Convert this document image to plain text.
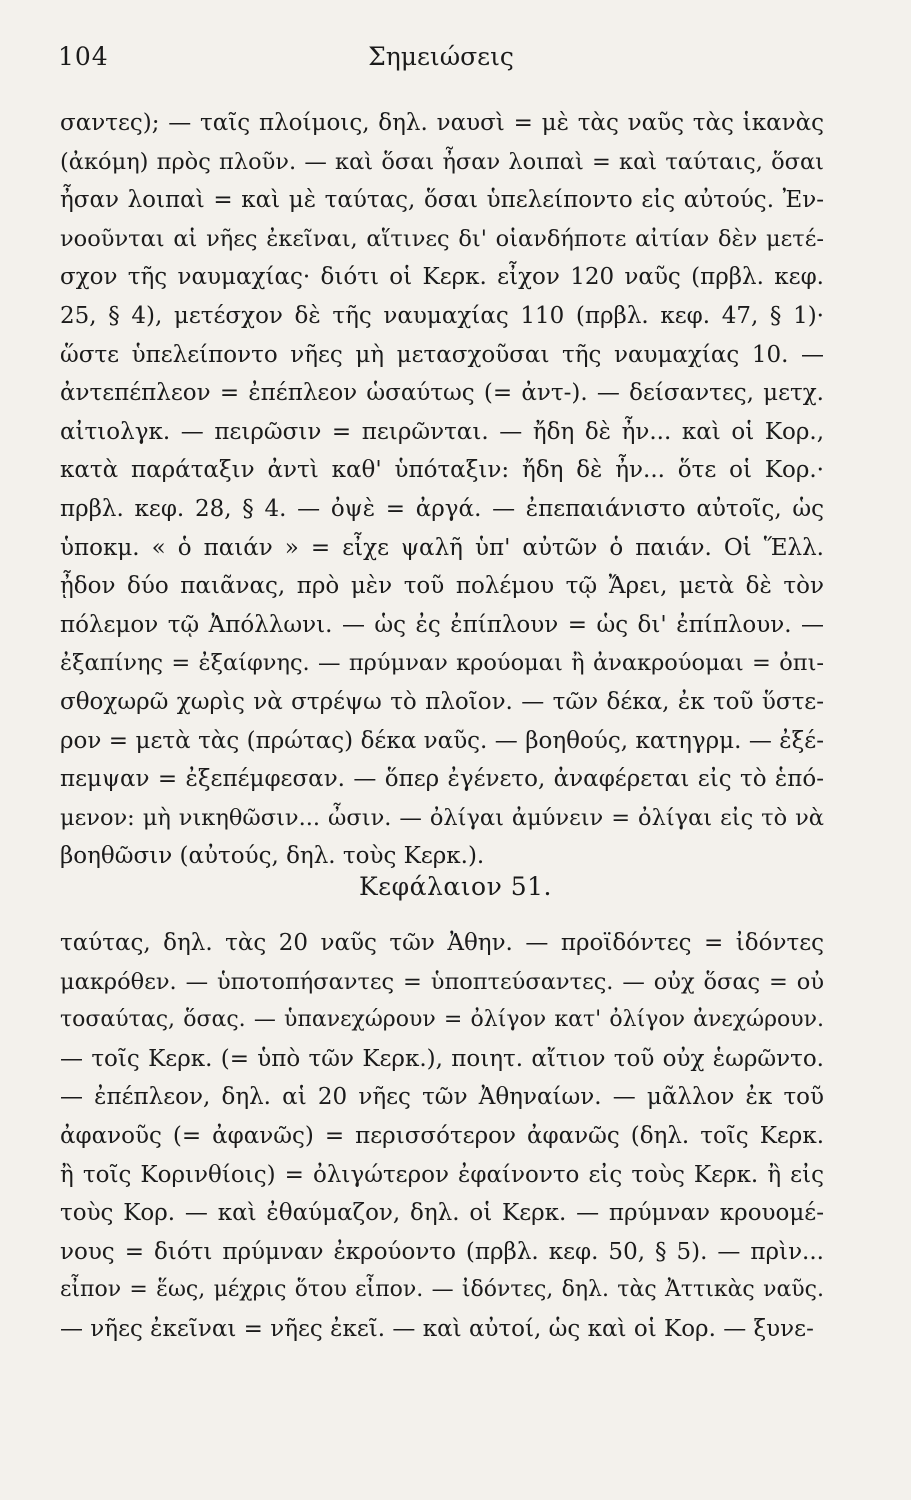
104	Σημειώσεις
σαντες); — ταῖς πλοίμοις, δηλ. ναυσὶ = μὲ τὰς ναῦς τὰς ἱκανὰς
(ἀκόμη) πρὸς πλοῦν. — καὶ ὅσαι ἦσαν λοιπαὶ = καὶ ταύταις, ὅσαι
ἦσαν λοιπαὶ = καὶ μὲ ταύτας, ὅσαι ὑπελείποντο εἰς αὐτούς. Ἐν-
νοοῦνται αἱ νῆες ἐκεῖναι, αἵτινες δι' οἱανδήποτε αἰτίαν δὲν μετέ-
σχον τῆς ναυμαχίας· διότι οἱ Κερκ. εἶχον 120 ναῦς (πρβλ. κεφ.
25, § 4), μετέσχον δὲ τῆς ναυμαχίας 110 (πρβλ. κεφ. 47, § 1)·
ὥστε ὑπελείποντο νῆες μὴ μετασχοῦσαι τῆς ναυμαχίας 10. —
ἀντεπέπλεον = ἐπέπλεον ὡσαύτως (= ἀντ-). — δείσαντες, μετχ.
αἰτιολγκ. — πειρῶσιν = πειρῶνται. — ἤδη δὲ ἦν... καὶ οἱ Κορ.,
κατὰ παράταξιν ἀντὶ καθ' ὑπόταξιν: ἤδη δὲ ἦν... ὅτε οἱ Κορ.·
πρβλ. κεφ. 28, § 4. — ὀψὲ = ἀργά. — ἐπεπαιάνιστο αὐτοῖς, ὡς
ὑποκμ. « ὁ παιάν » = εἶχε ψαλῆ ὑπ' αὐτῶν ὁ παιάν. Οἱ Ἕλλ.
ᾖδον δύο παιᾶνας, πρὸ μὲν τοῦ πολέμου τῷ Ἄρει, μετὰ δὲ τὸν
πόλεμον τῷ Ἀπόλλωνι. — ὡς ἐς ἐπίπλουν = ὡς δι' ἐπίπλουν. —
ἐξαπίνης = ἐξαίφνης. — πρύμναν κρούομαι ἢ ἀνακρούομαι = ὀπι-
σθοχωρῶ χωρὶς νὰ στρέψω τὸ πλοῖον. — τῶν δέκα, ἐκ τοῦ ὕστε-
ρον = μετὰ τὰς (πρώτας) δέκα ναῦς. — βοηθούς, κατηγρμ. — ἐξέ-
πεμψαν = ἐξεπέμφεσαν. — ὅπερ ἐγένετο, ἀναφέρεται εἰς τὸ ἑπό-
μενον: μὴ νικηθῶσιν... ὦσιν. — ὀλίγαι ἀμύνειν = ὀλίγαι εἰς τὸ νὰ
βοηθῶσιν (αὐτούς, δηλ. τοὺς Κερκ.).
Κεφάλαιον 51.
ταύτας, δηλ. τὰς 20 ναῦς τῶν Ἀθην. — προϊδόντες = ἰδόντες
μακρόθεν. — ὑποτοπήσαντες = ὑποπτεύσαντες. — οὐχ ὅσας = οὐ
τοσαύτας, ὅσας. — ὑπανεχώρουν = ὀλίγον κατ' ὀλίγον ἀνεχώρουν.
— τοῖς Κερκ. (= ὑπὸ τῶν Κερκ.), ποιητ. αἴτιον τοῦ οὐχ ἑωρῶντο.
— ἐπέπλεον, δηλ. αἱ 20 νῆες τῶν Ἀθηναίων. — μᾶλλον ἐκ τοῦ
ἀφανοῦς (= ἀφανῶς) = περισσότερον ἀφανῶς (δηλ. τοῖς Κερκ.
ἢ τοῖς Κορινθίοις) = ὀλιγώτερον ἐφαίνοντο εἰς τοὺς Κερκ. ἢ εἰς
τοὺς Κορ. — καὶ ἐθαύμαζον, δηλ. οἱ Κερκ. — πρύμναν κρουομέ-
νους = διότι πρύμναν ἐκρούοντο (πρβλ. κεφ. 50, § 5). — πρὶν...
εἶπον = ἕως, μέχρις ὅτου εἶπον. — ἰδόντες, δηλ. τὰς Ἀττικὰς ναῦς.
— νῆες ἐκεῖναι = νῆες ἐκεῖ. — καὶ αὐτοί, ὡς καὶ οἱ Κορ. — ξυνε-
